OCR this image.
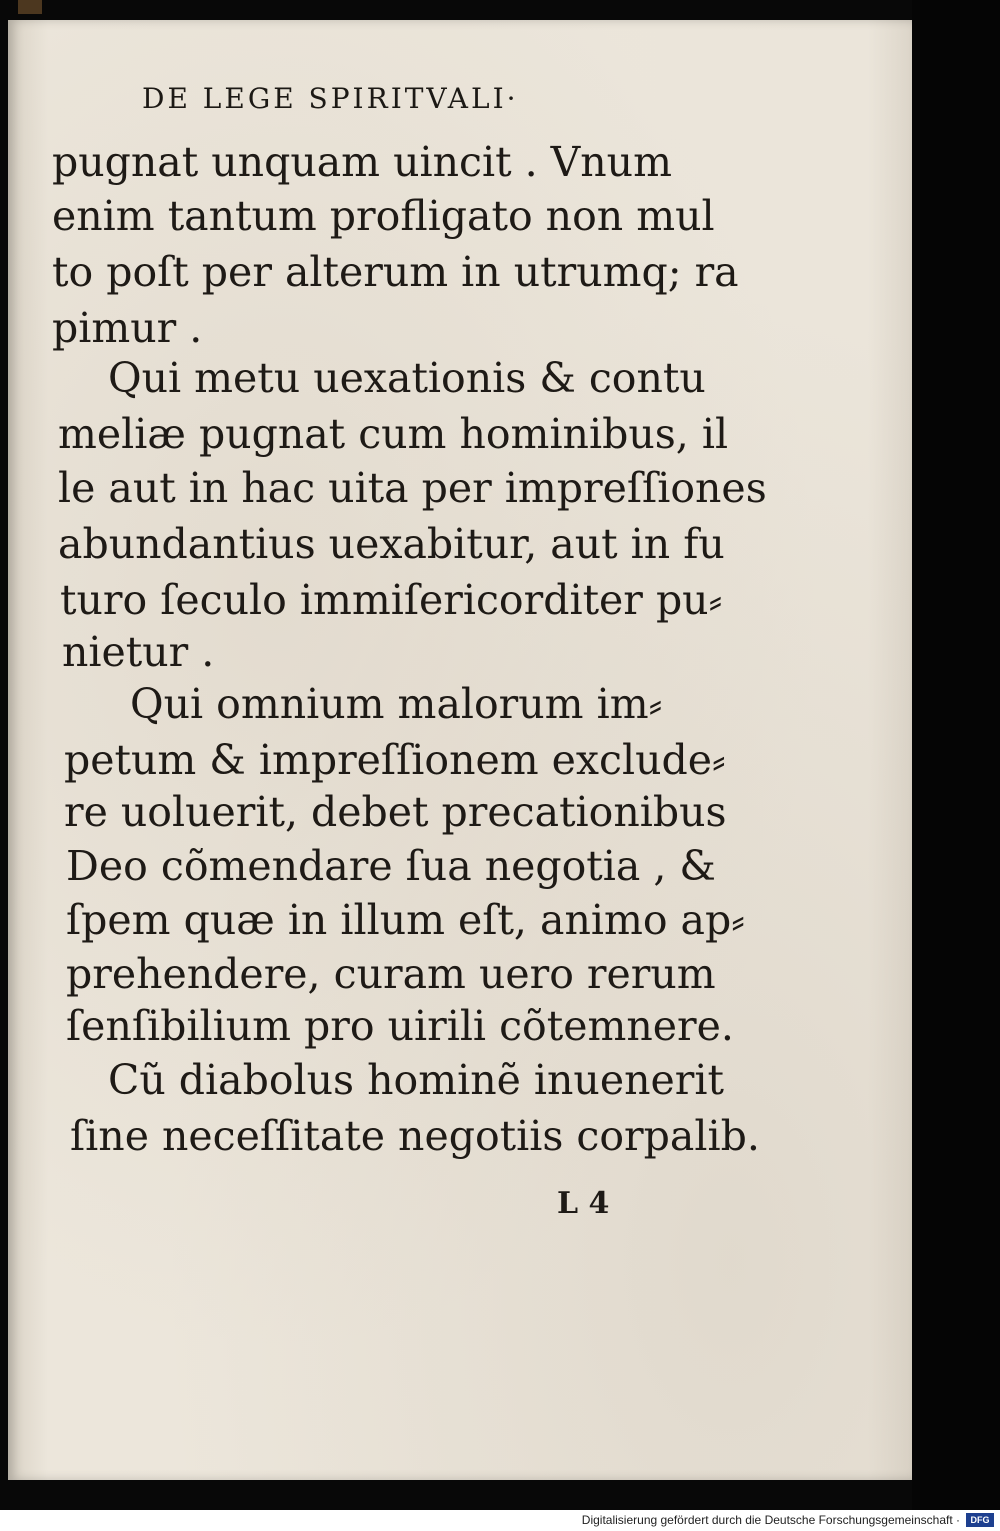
DE LEGE SPIRITVALI·
pugnat unquam uincit . Vnum
enim tantum profligato non mul
to poſt per alterum in utrumq; ra
pimur .
Qui metu uexationis & contu
meliæ pugnat cum hominibus, il
le aut in hac uita per impreſſiones
abundantius uexabitur, aut in fu
turo ſeculo immiſericorditer pu⸗
nietur .
Qui omnium malorum im⸗
petum & impreſſionem exclude⸗
re uoluerit, debet precationibus
Deo cõmendare ſua negotia , &
ſpem quæ in illum eſt, animo ap⸗
prehendere, curam uero rerum
ſenſibilium pro uirili cõtemnere.
Cũ diabolus hominẽ inuenerit
ſine neceſſitate negotiis corpalib.
L 4
Digitalisierung gefördert durch die Deutsche Forschungsgemeinschaft ·	DFG
